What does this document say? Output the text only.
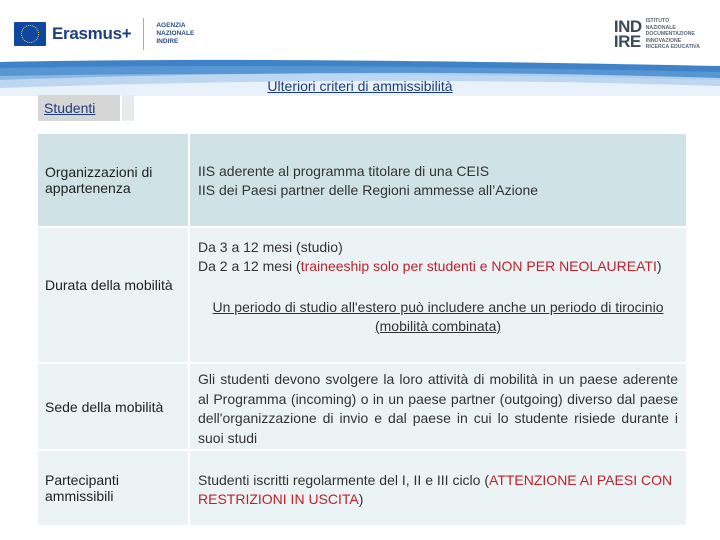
Erasmus+	AGENZIA
NAZIONALE
INDIRE
IND
IRE
ISTITUTO
NAZIONALE
DOCUMENTAZIONE
INNOVAZIONE
RICERCA EDUCATIVA
Ulteriori criteri di ammissibilità
Studenti
Organizzazioni di appartenenza
IIS aderente al programma titolare di una CEIS
IIS dei Paesi partner delle Regioni ammesse all’Azione
Durata della mobilità
Da 3 a 12 mesi (studio)
Da 2 a 12 mesi (traineeship solo per studenti e NON PER NEOLAUREATI)
Un periodo di studio all'estero può includere anche un periodo di tirocinio (mobilità combinata)
Sede della mobilità
Gli studenti devono svolgere la loro attività di mobilità in un paese aderente al Programma (incoming) o in un paese partner (outgoing) diverso dal paese dell'organizzazione di invio e dal paese in cui lo studente risiede durante i suoi studi
Partecipanti ammissibili
Studenti iscritti regolarmente del I, II e III ciclo (ATTENZIONE AI PAESI CON RESTRIZIONI IN USCITA)
